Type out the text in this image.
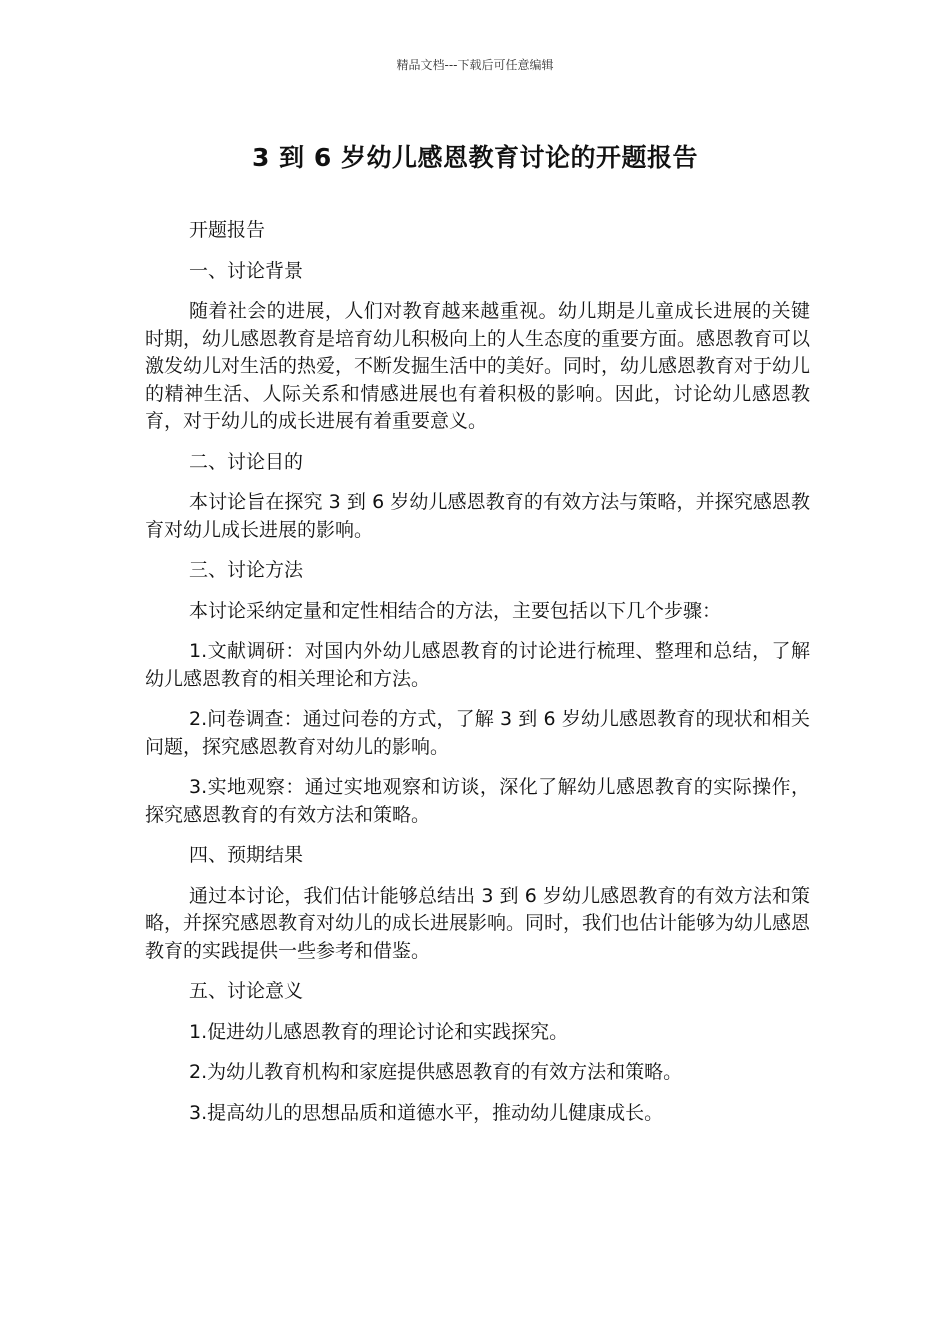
精品文档---下载后可任意编辑
3 到 6 岁幼儿感恩教育讨论的开题报告

开题报告

一、讨论背景

随着社会的进展，人们对教育越来越重视。幼儿期是儿童成长进展的关键时期，幼儿感恩教育是培育幼儿积极向上的人生态度的重要方面。感恩教育可以激发幼儿对生活的热爱，不断发掘生活中的美好。同时，幼儿感恩教育对于幼儿的精神生活、人际关系和情感进展也有着积极的影响。因此，讨论幼儿感恩教育，对于幼儿的成长进展有着重要意义。

二、讨论目的

本讨论旨在探究 3 到 6 岁幼儿感恩教育的有效方法与策略，并探究感恩教育对幼儿成长进展的影响。

三、讨论方法

本讨论采纳定量和定性相结合的方法，主要包括以下几个步骤：

1.文献调研：对国内外幼儿感恩教育的讨论进行梳理、整理和总结，了解幼儿感恩教育的相关理论和方法。

2.问卷调查：通过问卷的方式，了解 3 到 6 岁幼儿感恩教育的现状和相关问题，探究感恩教育对幼儿的影响。

3.实地观察：通过实地观察和访谈，深化了解幼儿感恩教育的实际操作，探究感恩教育的有效方法和策略。

四、预期结果

通过本讨论，我们估计能够总结出 3 到 6 岁幼儿感恩教育的有效方法和策略，并探究感恩教育对幼儿的成长进展影响。同时，我们也估计能够为幼儿感恩教育的实践提供一些参考和借鉴。

五、讨论意义

1.促进幼儿感恩教育的理论讨论和实践探究。

2.为幼儿教育机构和家庭提供感恩教育的有效方法和策略。

3.提高幼儿的思想品质和道德水平，推动幼儿健康成长。
